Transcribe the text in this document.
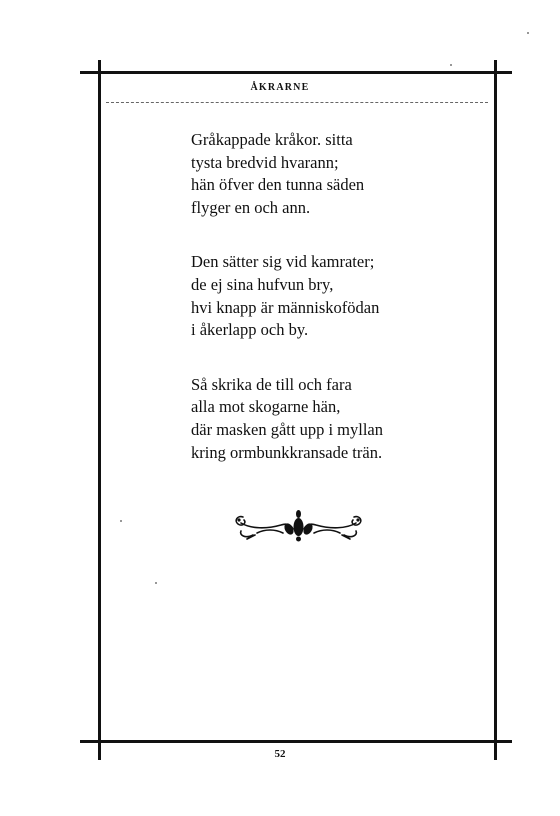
ÅKRARNE
Gråkappade kråkor. sitta
tysta bredvid hvarann;
hän öfver den tunna säden
flyger en och ann.
Den sätter sig vid kamrater;
de ej sina hufvun bry,
hvi knapp är människofödan
i åkerlapp och by.
Så skrika de till och fara
alla mot skogarne hän,
där masken gått upp i myllan
kring ormbunkkransade trän.
52
